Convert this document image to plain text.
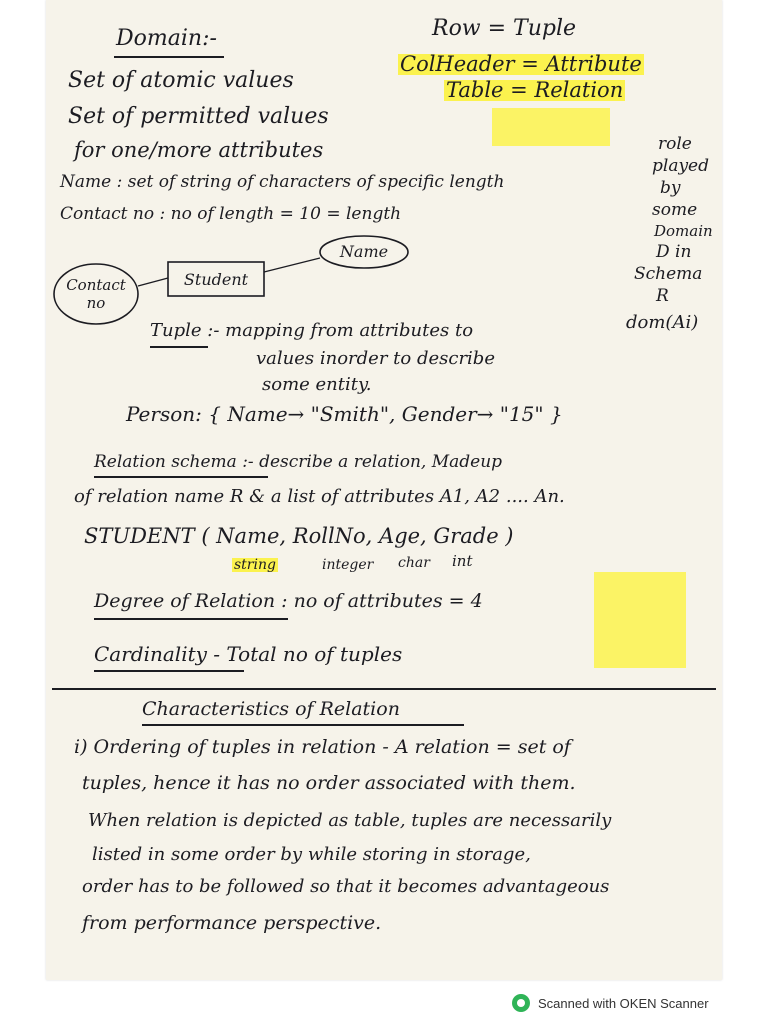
Domain:-	Row = Tuple
ColHeader = Attribute
Table = Relation
Set of atomic values
Set of permitted values
for one/more attributes	role
played
by
some
Domain
D in
Schema
R
dom(Ai)
Name : set of string of characters of specific length
Contact no : no of length = 10 = length
Contact
no
Student
Name
Tuple :- mapping from attributes to
values inorder to describe
some entity.
Person: { Name→ "Smith", Gender→ "15" }
Relation schema :- describe a relation, Madeup
of relation name R & a list of attributes A1, A2 .... An.
STUDENT ( Name, RollNo, Age, Grade )
string	integer char int
Degree of Relation : no of attributes = 4
Cardinality - Total no of tuples
Characteristics of Relation
i) Ordering of tuples in relation - A relation = set of
tuples, hence it has no order associated with them.
When relation is depicted as table, tuples are necessarily
listed in some order by while storing in storage,
order has to be followed so that it becomes advantageous
from performance perspective.
Scanned with OKEN Scanner
